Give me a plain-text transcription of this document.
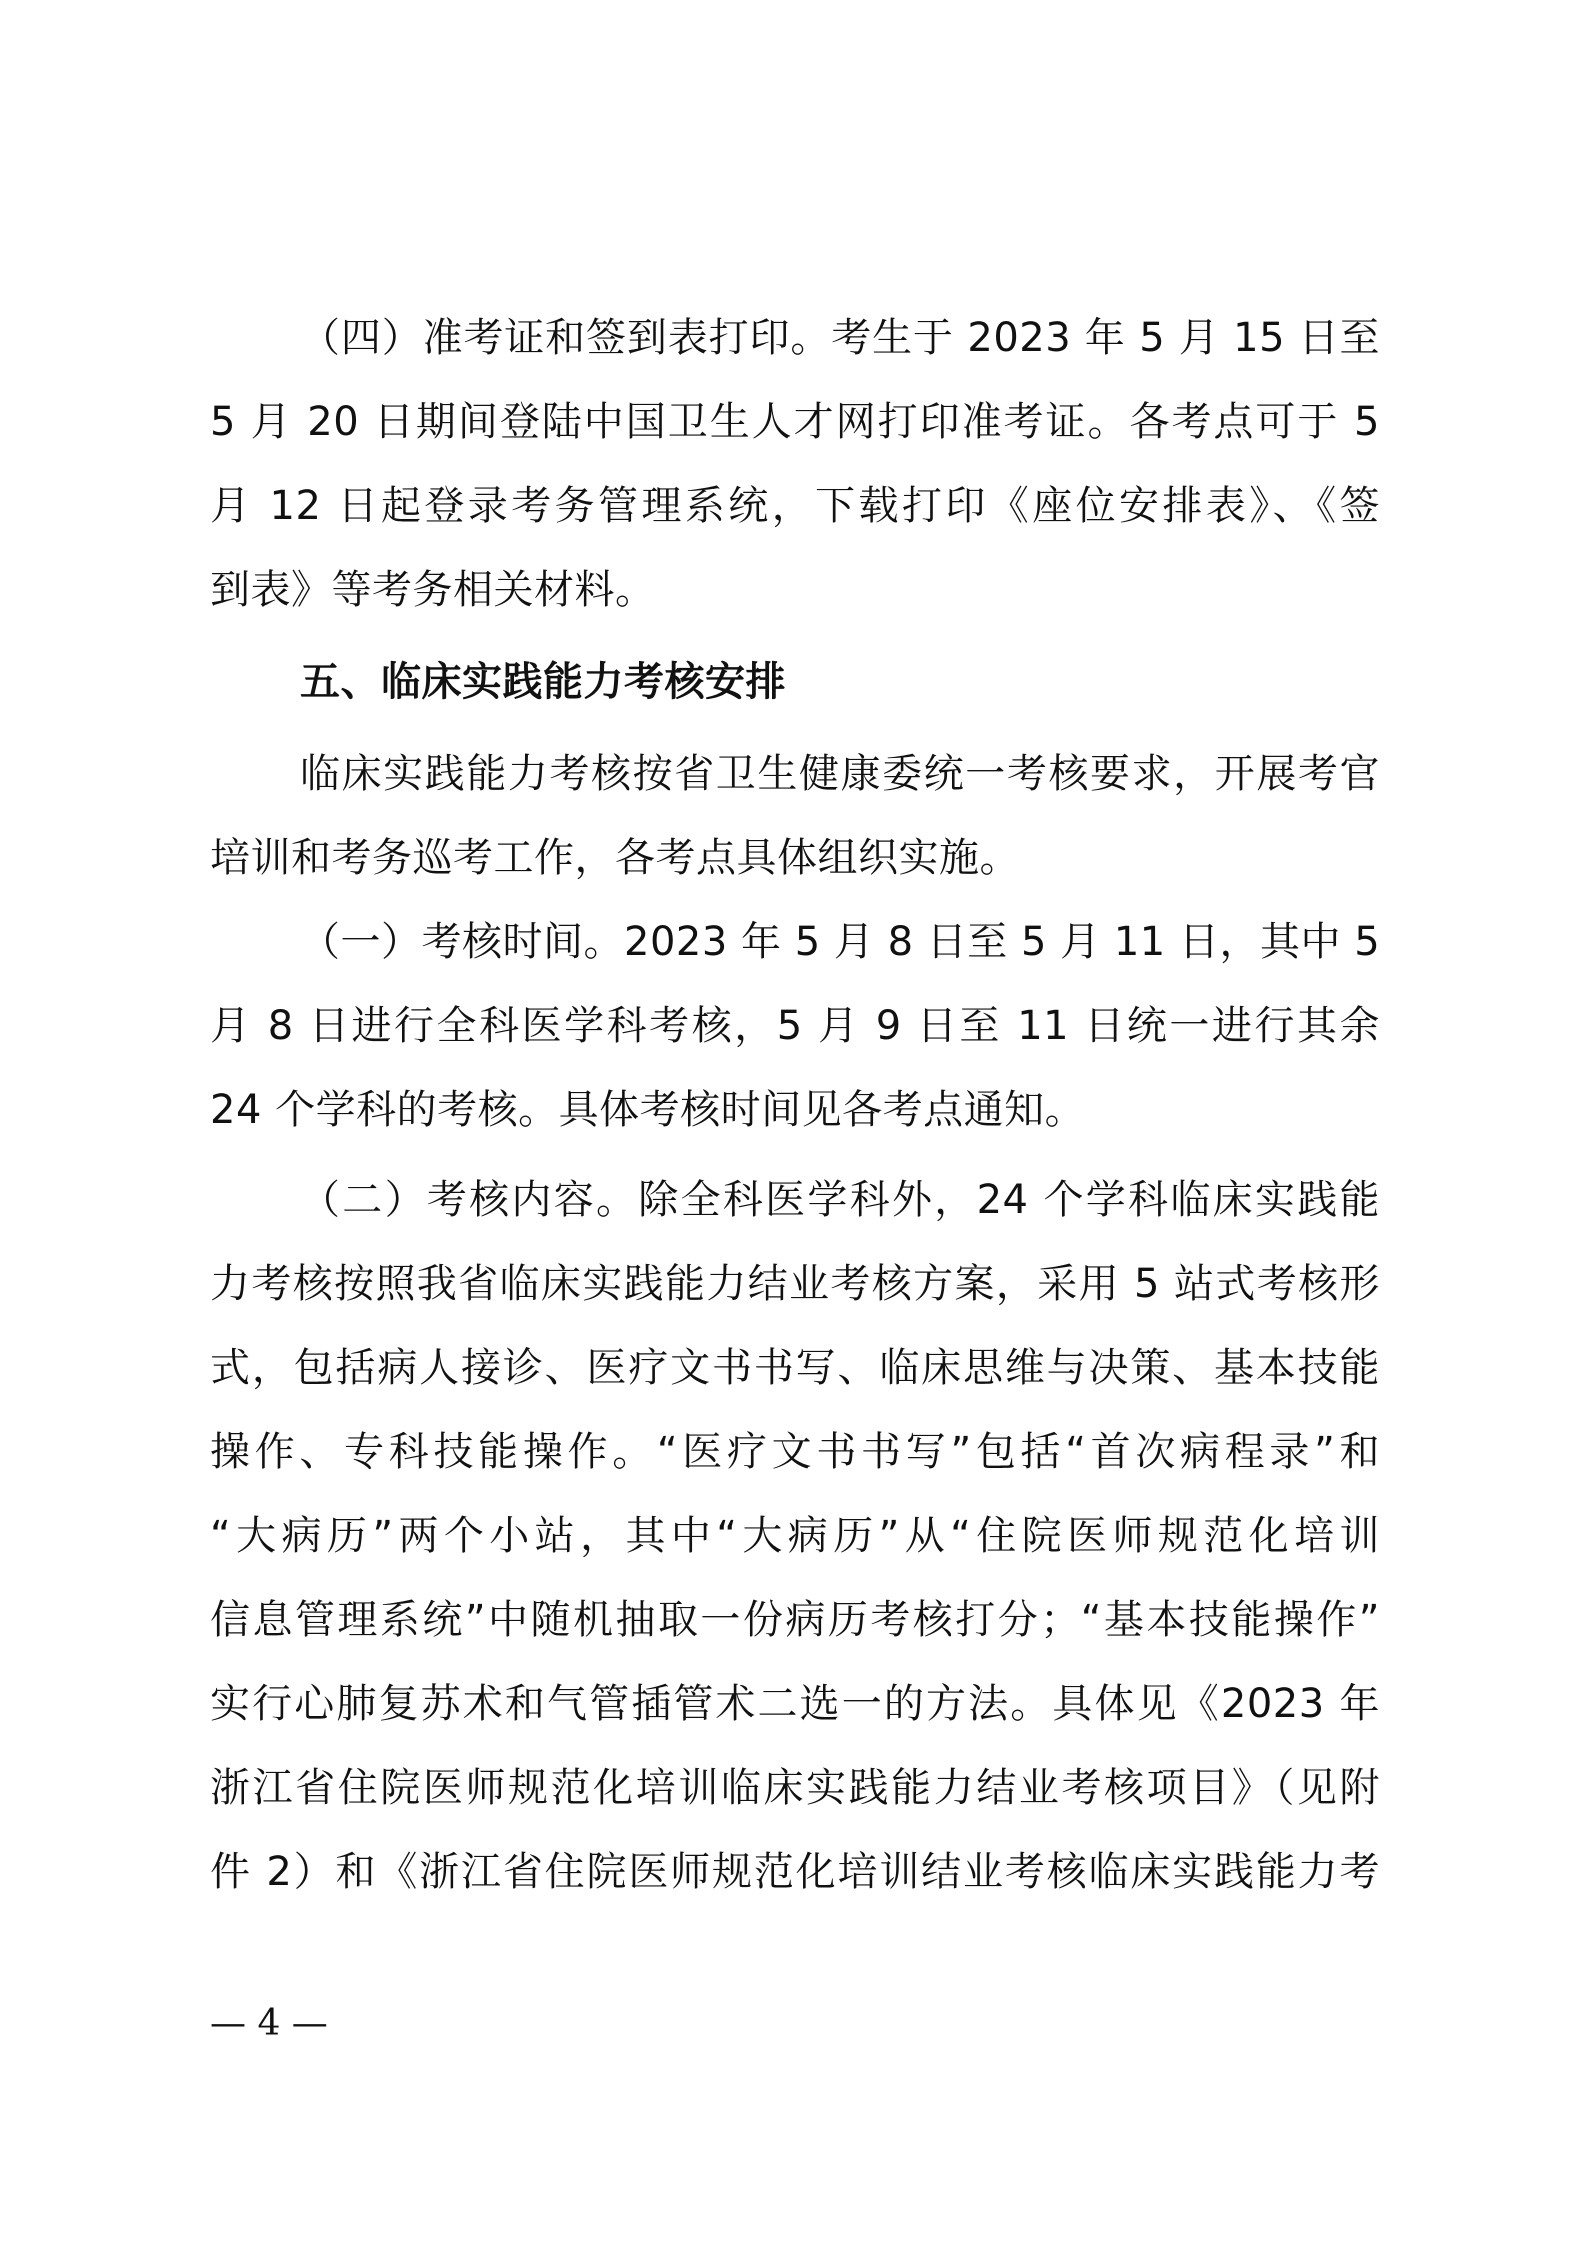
（四）准考证和签到表打印。考生于 2023 年 5 月 15 日至
5 月 20 日期间登陆中国卫生人才网打印准考证。各考点可于 5
月 12 日起登录考务管理系统，下载打印《座位安排表》、《签
到表》等考务相关材料。
五、临床实践能力考核安排
临床实践能力考核按省卫生健康委统一考核要求，开展考官
培训和考务巡考工作，各考点具体组织实施。
（一）考核时间。2023 年 5 月 8 日至 5 月 11 日，其中 5
月 8 日进行全科医学科考核，5 月 9 日至 11 日统一进行其余
24 个学科的考核。具体考核时间见各考点通知。
（二）考核内容。除全科医学科外，24 个学科临床实践能
力考核按照我省临床实践能力结业考核方案，采用 5 站式考核形
式，包括病人接诊、医疗文书书写、临床思维与决策、基本技能
操作、专科技能操作。“医疗文书书写”包括“首次病程录”和
“大病历”两个小站，其中“大病历”从“住院医师规范化培训
信息管理系统”中随机抽取一份病历考核打分；“基本技能操作”
实行心肺复苏术和气管插管术二选一的方法。具体见《2023 年
浙江省住院医师规范化培训临床实践能力结业考核项目》（见附
件 2）和《浙江省住院医师规范化培训结业考核临床实践能力考
— 4 —
